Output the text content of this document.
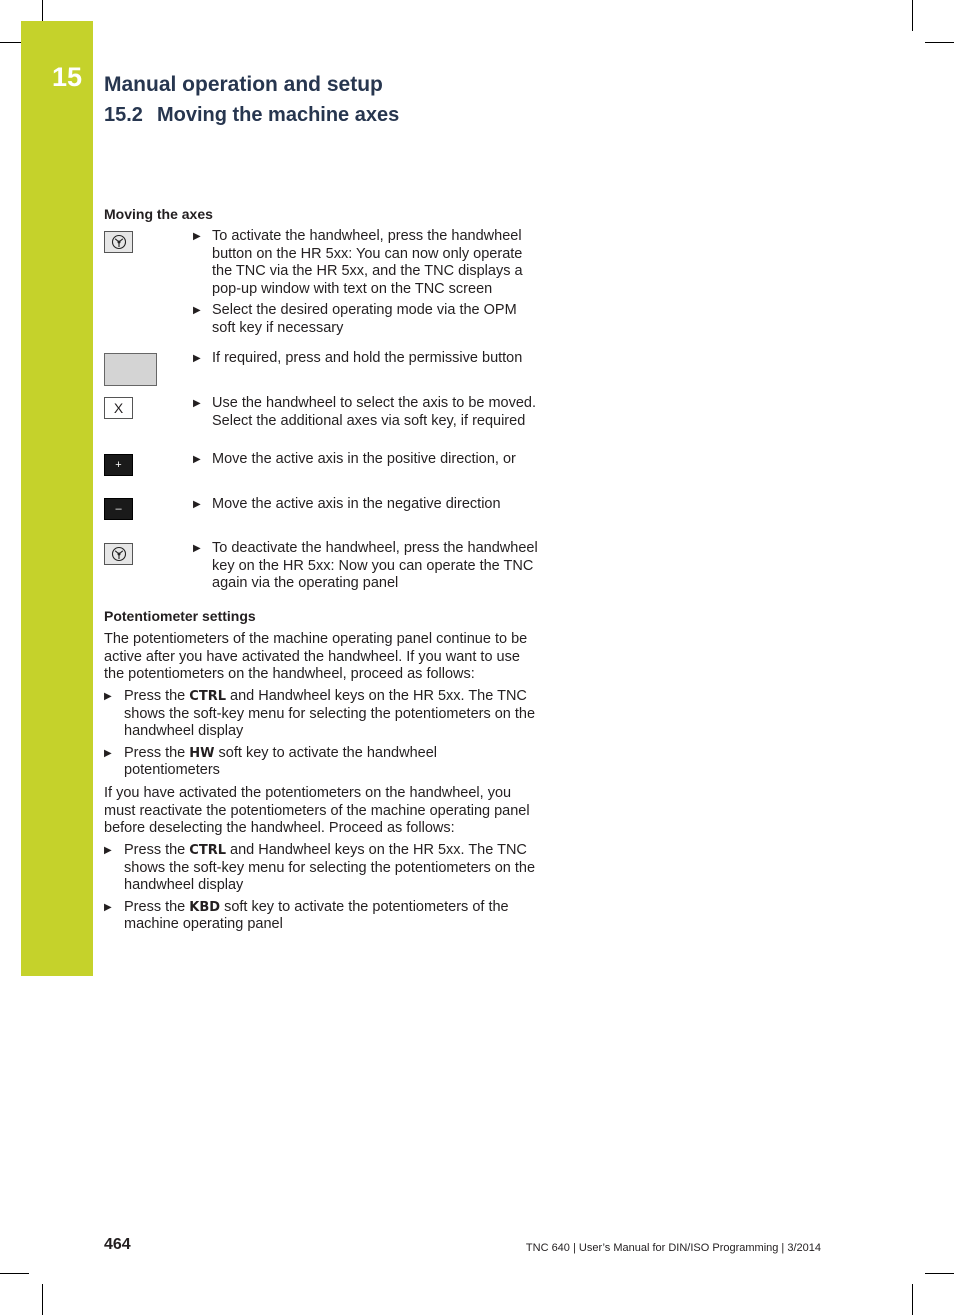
15 Manual operation and setup
15.2 Moving the machine axes
Moving the axes
▶ To activate the handwheel, press the handwheel button on the HR 5xx: You can now only operate the TNC via the HR 5xx, and the TNC displays a pop-up window with text on the TNC screen
▶ Select the desired operating mode via the OPM soft key if necessary
▶ If required, press and hold the permissive button
X	▶ Use the handwheel to select the axis to be moved. Select the additional axes via soft key, if required
+	▶ Move the active axis in the positive direction, or
–	▶ Move the active axis in the negative direction
▶ To deactivate the handwheel, press the handwheel key on the HR 5xx: Now you can operate the TNC again via the operating panel
Potentiometer settings
The potentiometers of the machine operating panel continue to be active after you have activated the handwheel. If you want to use the potentiometers on the handwheel, proceed as follows:
▶ Press the CTRL and Handwheel keys on the HR 5xx. The TNC shows the soft-key menu for selecting the potentiometers on the handwheel display
▶ Press the HW soft key to activate the handwheel potentiometers
If you have activated the potentiometers on the handwheel, you must reactivate the potentiometers of the machine operating panel before deselecting the handwheel. Proceed as follows:
▶ Press the CTRL and Handwheel keys on the HR 5xx. The TNC shows the soft-key menu for selecting the potentiometers on the handwheel display
▶ Press the KBD soft key to activate the potentiometers of the machine operating panel
464	TNC 640 | User’s Manual for DIN/ISO Programming | 3/2014
